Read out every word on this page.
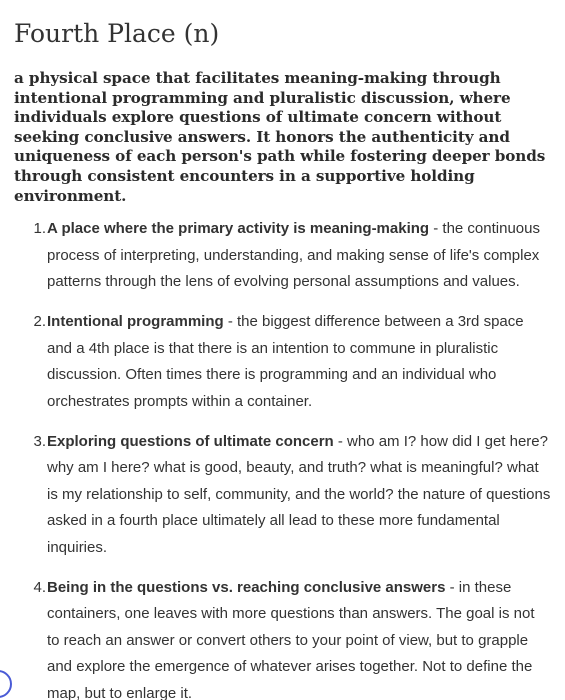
Fourth Place (n)

a physical space that facilitates meaning-making through intentional programming and pluralistic discussion, where individuals explore questions of ultimate concern without seeking conclusive answers. It honors the authenticity and uniqueness of each person's path while fostering deeper bonds through consistent encounters in a supportive holding environment.

1. A place where the primary activity is meaning-making - the continuous process of interpreting, understanding, and making sense of life's complex patterns through the lens of evolving personal assumptions and values.
2. Intentional programming - the biggest difference between a 3rd space and a 4th place is that there is an intention to commune in pluralistic discussion. Often times there is programming and an individual who orchestrates prompts within a container.
3. Exploring questions of ultimate concern - who am I? how did I get here? why am I here? what is good, beauty, and truth? what is meaningful? what is my relationship to self, community, and the world? the nature of questions asked in a fourth place ultimately all lead to these more fundamental inquiries.
4. Being in the questions vs. reaching conclusive answers - in these containers, one leaves with more questions than answers. The goal is not to reach an answer or convert others to your point of view, but to grapple and explore the emergence of whatever arises together. Not to define the map, but to enlarge it.
